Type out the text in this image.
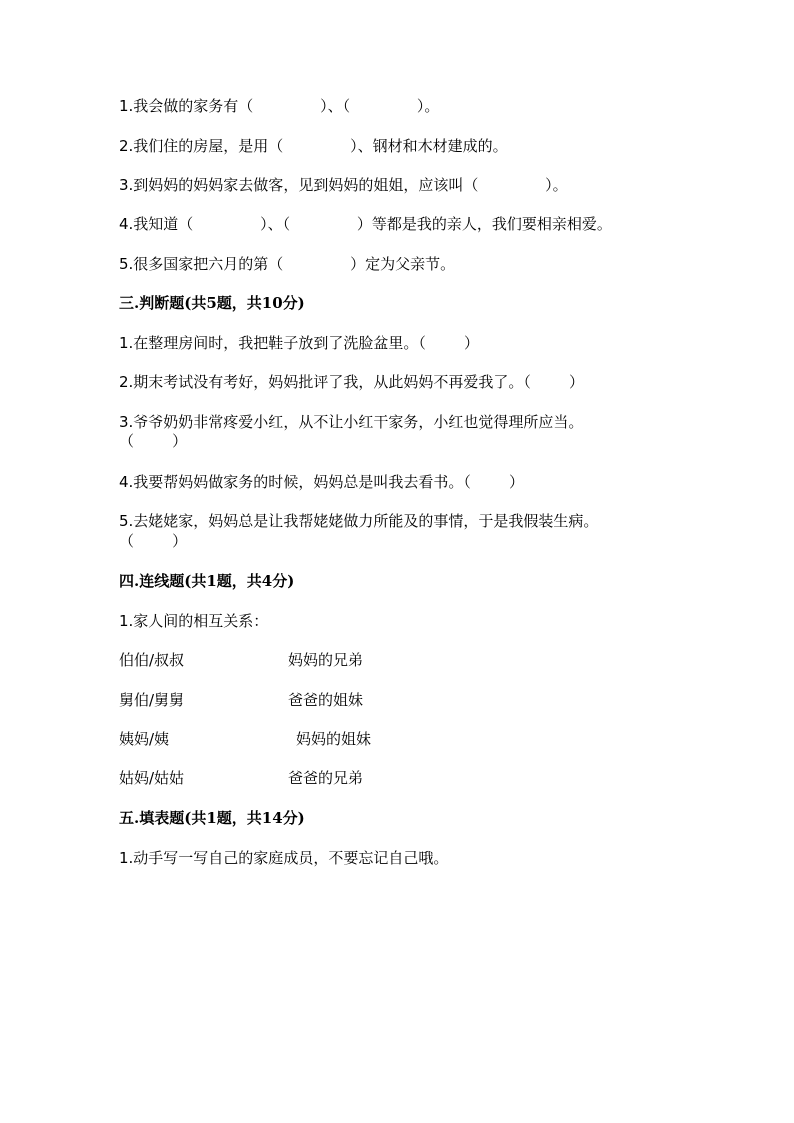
1.我会做的家务有（              ）、（              ）。
2.我们住的房屋，是用（              ）、钢材和木材建成的。
3.到妈妈的妈妈家去做客，见到妈妈的姐姐，应该叫（              ）。
4.我知道（              ）、（              ）等都是我的亲人，我们要相亲相爱。
5.很多国家把六月的第（              ）定为父亲节。
三.判断题(共5题，共10分)
1.在整理房间时，我把鞋子放到了洗脸盆里。（        ）
2.期末考试没有考好，妈妈批评了我，从此妈妈不再爱我了。（        ）
3.爷爷奶奶非常疼爱小红，从不让小红干家务，小红也觉得理所应当。
（        ）
4.我要帮妈妈做家务的时候，妈妈总是叫我去看书。（        ）
5.去姥姥家，妈妈总是让我帮姥姥做力所能及的事情，于是我假装生病。
（        ）
四.连线题(共1题，共4分)
1.家人间的相互关系：
伯伯/叔叔	妈妈的兄弟
舅伯/舅舅	爸爸的姐妹
姨妈/姨	妈妈的姐妹
姑妈/姑姑	爸爸的兄弟
五.填表题(共1题，共14分)
1.动手写一写自己的家庭成员，不要忘记自己哦。
